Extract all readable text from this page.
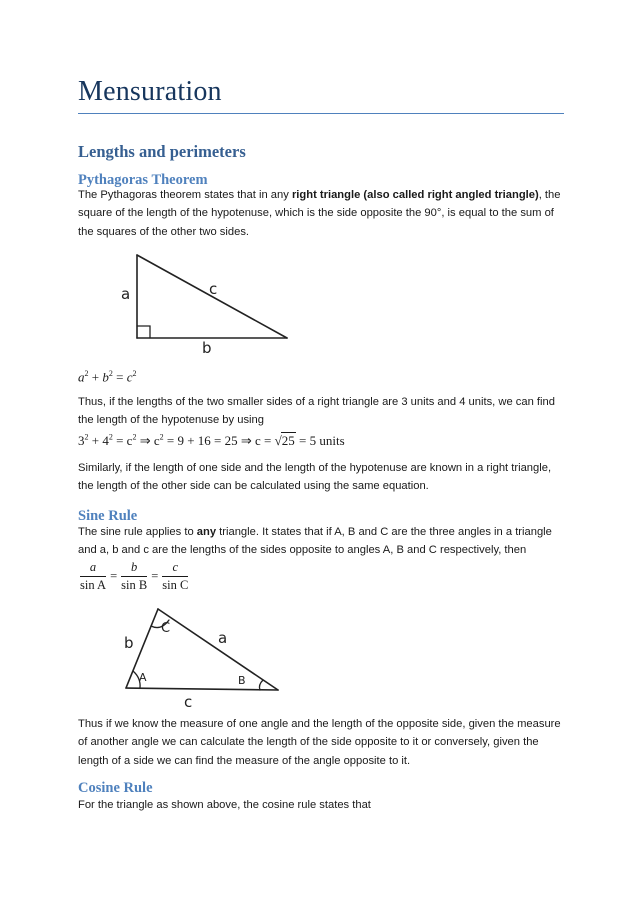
Mensuration
Lengths and perimeters
Pythagoras Theorem
The Pythagoras theorem states that in any right triangle (also called right angled triangle), the square of the length of the hypotenuse, which is the side opposite the 90°, is equal to the sum of the squares of the other two sides.
a	c
b
$a^2 + b^2 = c^2$
Thus, if the lengths of the two smaller sides of a right triangle are 3 units and 4 units, we can find the length of the hypotenuse by using
$3^2 + 4^2 = c^2$ ⇒ $c^2 = 9 + 16 = 25$ ⇒ c = √25 = 5 units
Similarly, if the length of one side and the length of the hypotenuse are known in a right triangle, the length of the other side can be calculated using the same equation.
Sine Rule
The sine rule applies to any triangle. It states that if A, B and C are the three angles in a triangle and a, b and c are the lengths of the sides opposite to angles A, B and C respectively, then
$\frac{a}{\text{sin A}} = \frac{b}{\text{sin B}} = \frac{c}{\text{sin C}}$
C
A	B
b	a
c
Thus if we know the measure of one angle and the length of the opposite side, given the measure of another angle we can calculate the length of the side opposite to it or conversely, given the length of a side we can find the measure of the angle opposite to it.
Cosine Rule
For the triangle as shown above, the cosine rule states that
